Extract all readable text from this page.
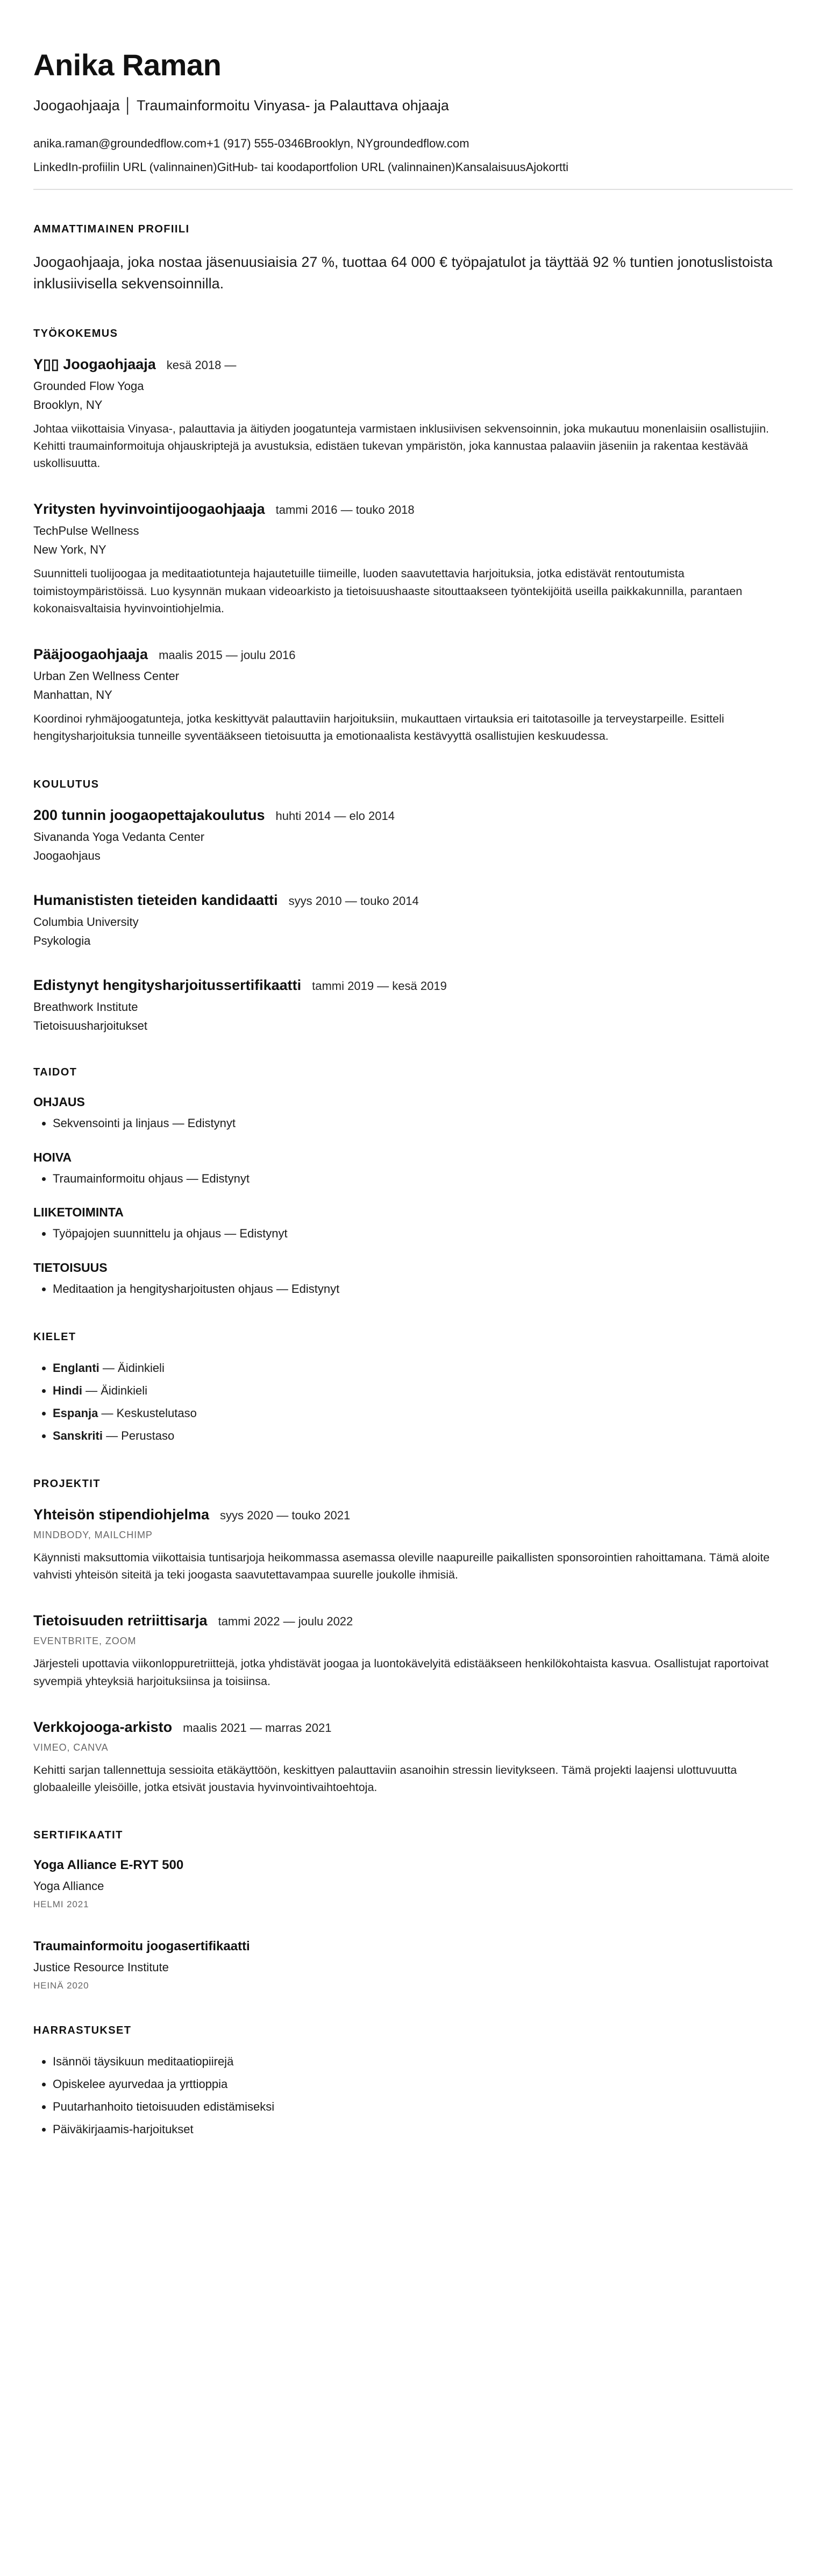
Anika Raman
Joogaohjaaja │ Traumainformoitu Vinyasa- ja Palauttava ohjaaja
anika.raman@groundedflow.com+1 (917) 555-0346Brooklyn, NYgroundedflow.com
LinkedIn-profiilin URL (valinnainen)GitHub- tai koodaportfolion URL (valinnainen)KansalaisuusAjokortti
AMMATTIMAINEN PROFIILI

Joogaohjaaja, joka nostaa jäsenuusiaisia 27 %, tuottaa 64 000 € työpajatulot ja täyttää 92 % tuntien jonotuslistoista inklusiivisella sekvensoinnilla.

TYÖKOKEMUS
Y▯▯ Joogaohjaaja kesä 2018 —
Grounded Flow Yoga
Brooklyn, NY

Johtaa viikottaisia Vinyasa-, palauttavia ja äitiyden joogatunteja varmistaen inklusiivisen sekvensoinnin, joka mukautuu monenlaisiin osallistujiin. Kehitti traumainformoituja ohjauskriptejä ja avustuksia, edistäen tukevan ympäristön, joka kannustaa palaaviin jäseniin ja rakentaa kestävää uskollisuutta.

Yritysten hyvinvointijoogaohjaaja tammi 2016 — touko 2018
TechPulse Wellness
New York, NY

Suunnitteli tuolijoogaa ja meditaatiotunteja hajautetuille tiimeille, luoden saavutettavia harjoituksia, jotka edistävät rentoutumista toimistoympäristöissä. Luo kysynnän mukaan videoarkisto ja tietoisuushaaste sitouttaakseen työntekijöitä useilla paikkakunnilla, parantaen kokonaisvaltaisia hyvinvointiohjelmia.

Pääjoogaohjaaja maalis 2015 — joulu 2016
Urban Zen Wellness Center
Manhattan, NY

Koordinoi ryhmäjoogatunteja, jotka keskittyvät palauttaviin harjoituksiin, mukauttaen virtauksia eri taitotasoille ja terveystarpeille. Esitteli hengitysharjoituksia tunneille syventääkseen tietoisuutta ja emotionaalista kestävyyttä osallistujien keskuudessa.

KOULUTUS
200 tunnin joogaopettajakoulutus huhti 2014 — elo 2014
Sivananda Yoga Vedanta Center
Joogaohjaus
Humanististen tieteiden kandidaatti syys 2010 — touko 2014
Columbia University
Psykologia
Edistynyt hengitysharjoitussertifikaatti tammi 2019 — kesä 2019
Breathwork Institute
Tietoisuusharjoitukset
TAIDOT
OHJAUS
• Sekvensointi ja linjaus — Edistynyt
HOIVA
• Traumainformoitu ohjaus — Edistynyt
LIIKETOIMINTA
• Työpajojen suunnittelu ja ohjaus — Edistynyt
TIETOISUUS
• Meditaation ja hengitysharjoitusten ohjaus — Edistynyt
KIELET
• Englanti — Äidinkieli
• Hindi — Äidinkieli
• Espanja — Keskustelutaso
• Sanskriti — Perustaso
PROJEKTIT
Yhteisön stipendiohjelma syys 2020 — touko 2021
MINDBODY, MAILCHIMP

Käynnisti maksuttomia viikottaisia tuntisarjoja heikommassa asemassa oleville naapureille paikallisten sponsorointien rahoittamana. Tämä aloite vahvisti yhteisön siteitä ja teki joogasta saavutettavampaa suurelle joukolle ihmisiä.

Tietoisuuden retriittisarja tammi 2022 — joulu 2022
EVENTBRITE, ZOOM

Järjesteli upottavia viikonloppuretriittejä, jotka yhdistävät joogaa ja luontokävelyitä edistääkseen henkilökohtaista kasvua. Osallistujat raportoivat syvempiä yhteyksiä harjoituksiinsa ja toisiinsa.

Verkkojooga-arkisto maalis 2021 — marras 2021
VIMEO, CANVA

Kehitti sarjan tallennettuja sessioita etäkäyttöön, keskittyen palauttaviin asanoihin stressin lievitykseen. Tämä projekti laajensi ulottuvuutta globaaleille yleisöille, jotka etsivät joustavia hyvinvointivaihtoehtoja.

SERTIFIKAATIT
Yoga Alliance E-RYT 500
Yoga Alliance
HELMI 2021
Traumainformoitu joogasertifikaatti
Justice Resource Institute
HEINÄ 2020
HARRASTUKSET
• Isännöi täysikuun meditaatiopiirejä
• Opiskelee ayurvedaa ja yrttioppia
• Puutarhanhoito tietoisuuden edistämiseksi
• Päiväkirjaamis-harjoitukset
